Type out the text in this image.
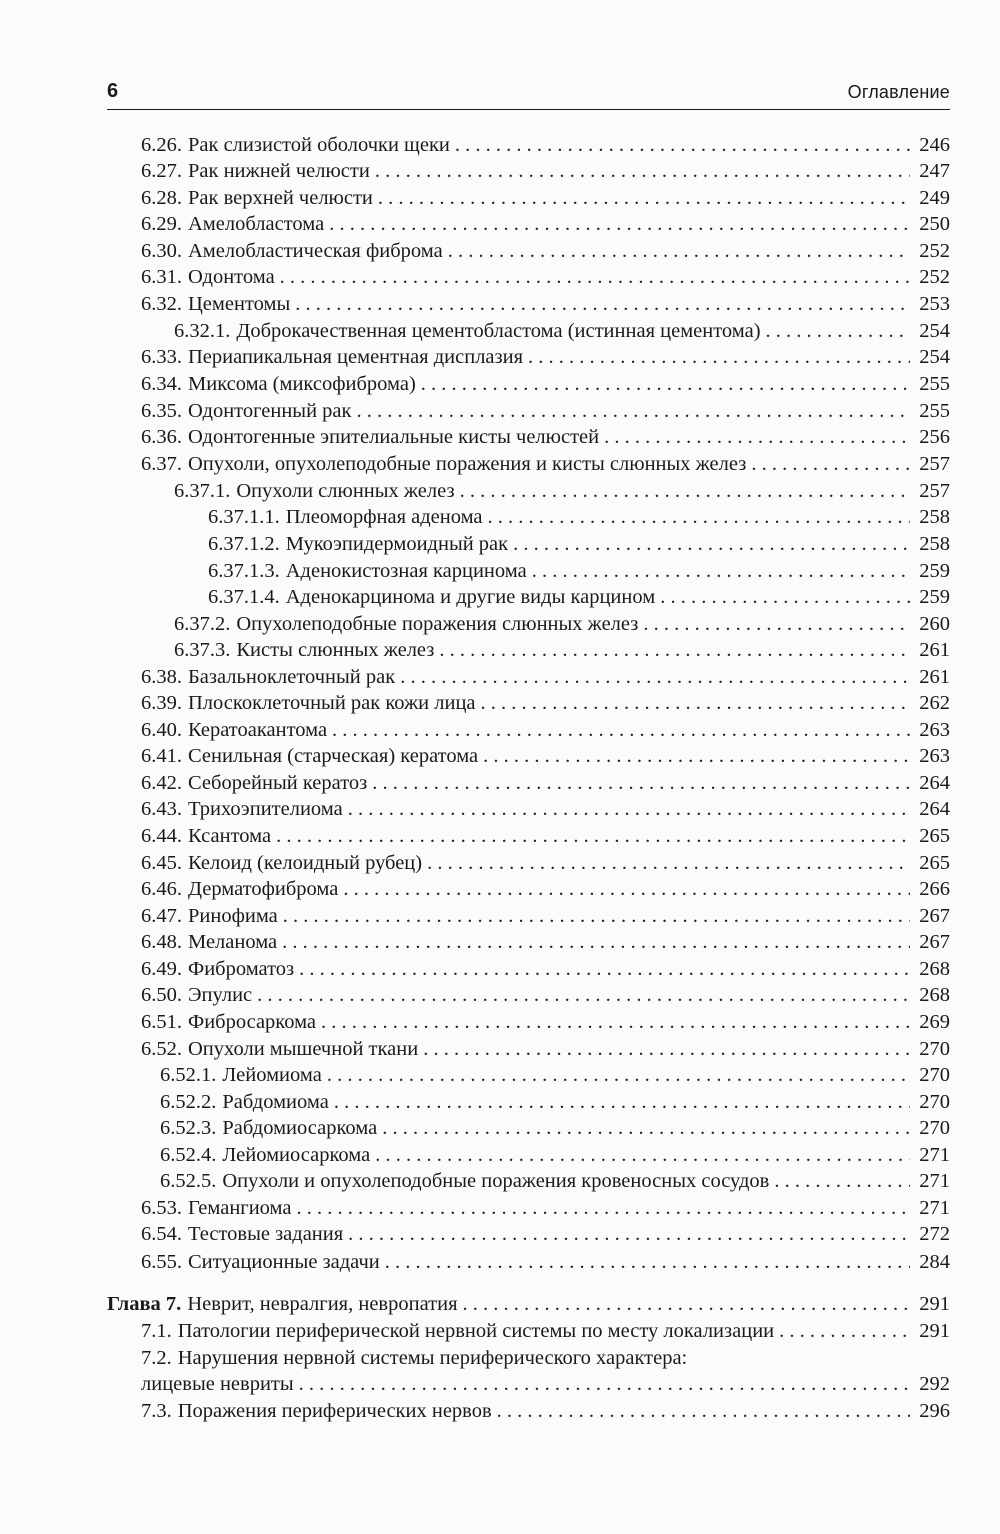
6	Оглавление
6.26. Рак слизистой оболочки щеки . . .	246
6.27. Рак нижней челюсти . . .	247
6.28. Рак верхней челюсти . . .	249
6.29. Амелобластома . . .	250
6.30. Амелобластическая фиброма . . .	252
6.31. Одонтома . . .	252
6.32. Цементомы . . .	253
6.32.1. Доброкачественная цементобластома (истинная цементома) . . .	254
6.33. Периапикальная цементная дисплазия . . .	254
6.34. Миксома (миксофиброма) . . .	255
6.35. Одонтогенный рак . . .	255
6.36. Одонтогенные эпителиальные кисты челюстей . . .	256
6.37. Опухоли, опухолеподобные поражения и кисты слюнных желез . . .	257
6.37.1. Опухоли слюнных желез . . .	257
6.37.1.1. Плеоморфная аденома . . .	258
6.37.1.2. Мукоэпидермоидный рак . . .	258
6.37.1.3. Аденокистозная карцинома . . .	259
6.37.1.4. Аденокарцинома и другие виды карцином . . .	259
6.37.2. Опухолеподобные поражения слюнных желез . . .	260
6.37.3. Кисты слюнных желез . . .	261
6.38. Базальноклеточный рак . . .	261
6.39. Плоскоклеточный рак кожи лица . . .	262
6.40. Кератоакантома . . .	263
6.41. Сенильная (старческая) кератома . . .	263
6.42. Себорейный кератоз . . .	264
6.43. Трихоэпителиома . . .	264
6.44. Ксантома . . .	265
6.45. Келоид (келоидный рубец) . . .	265
6.46. Дерматофиброма . . .	266
6.47. Ринофима . . .	267
6.48. Меланома . . .	267
6.49. Фиброматоз . . .	268
6.50. Эпулис . . .	268
6.51. Фибросаркома . . .	269
6.52. Опухоли мышечной ткани . . .	270
6.52.1. Лейомиома . . .	270
6.52.2. Рабдомиома . . .	270
6.52.3. Рабдомиосаркома . . .	270
6.52.4. Лейомиосаркома . . .	271
6.52.5. Опухоли и опухолеподобные поражения кровеносных сосудов . . .	271
6.53. Гемангиома . . .	271
6.54. Тестовые задания . . .	272
6.55. Ситуационные задачи . . .	284
Глава 7. Неврит, невралгия, невропатия . . .	291
7.1. Патологии периферической нервной системы по месту локализации . . .	291
7.2. Нарушения нервной системы периферического характера:
лицевые невриты . . .	292
7.3. Поражения периферических нервов . . .	296
